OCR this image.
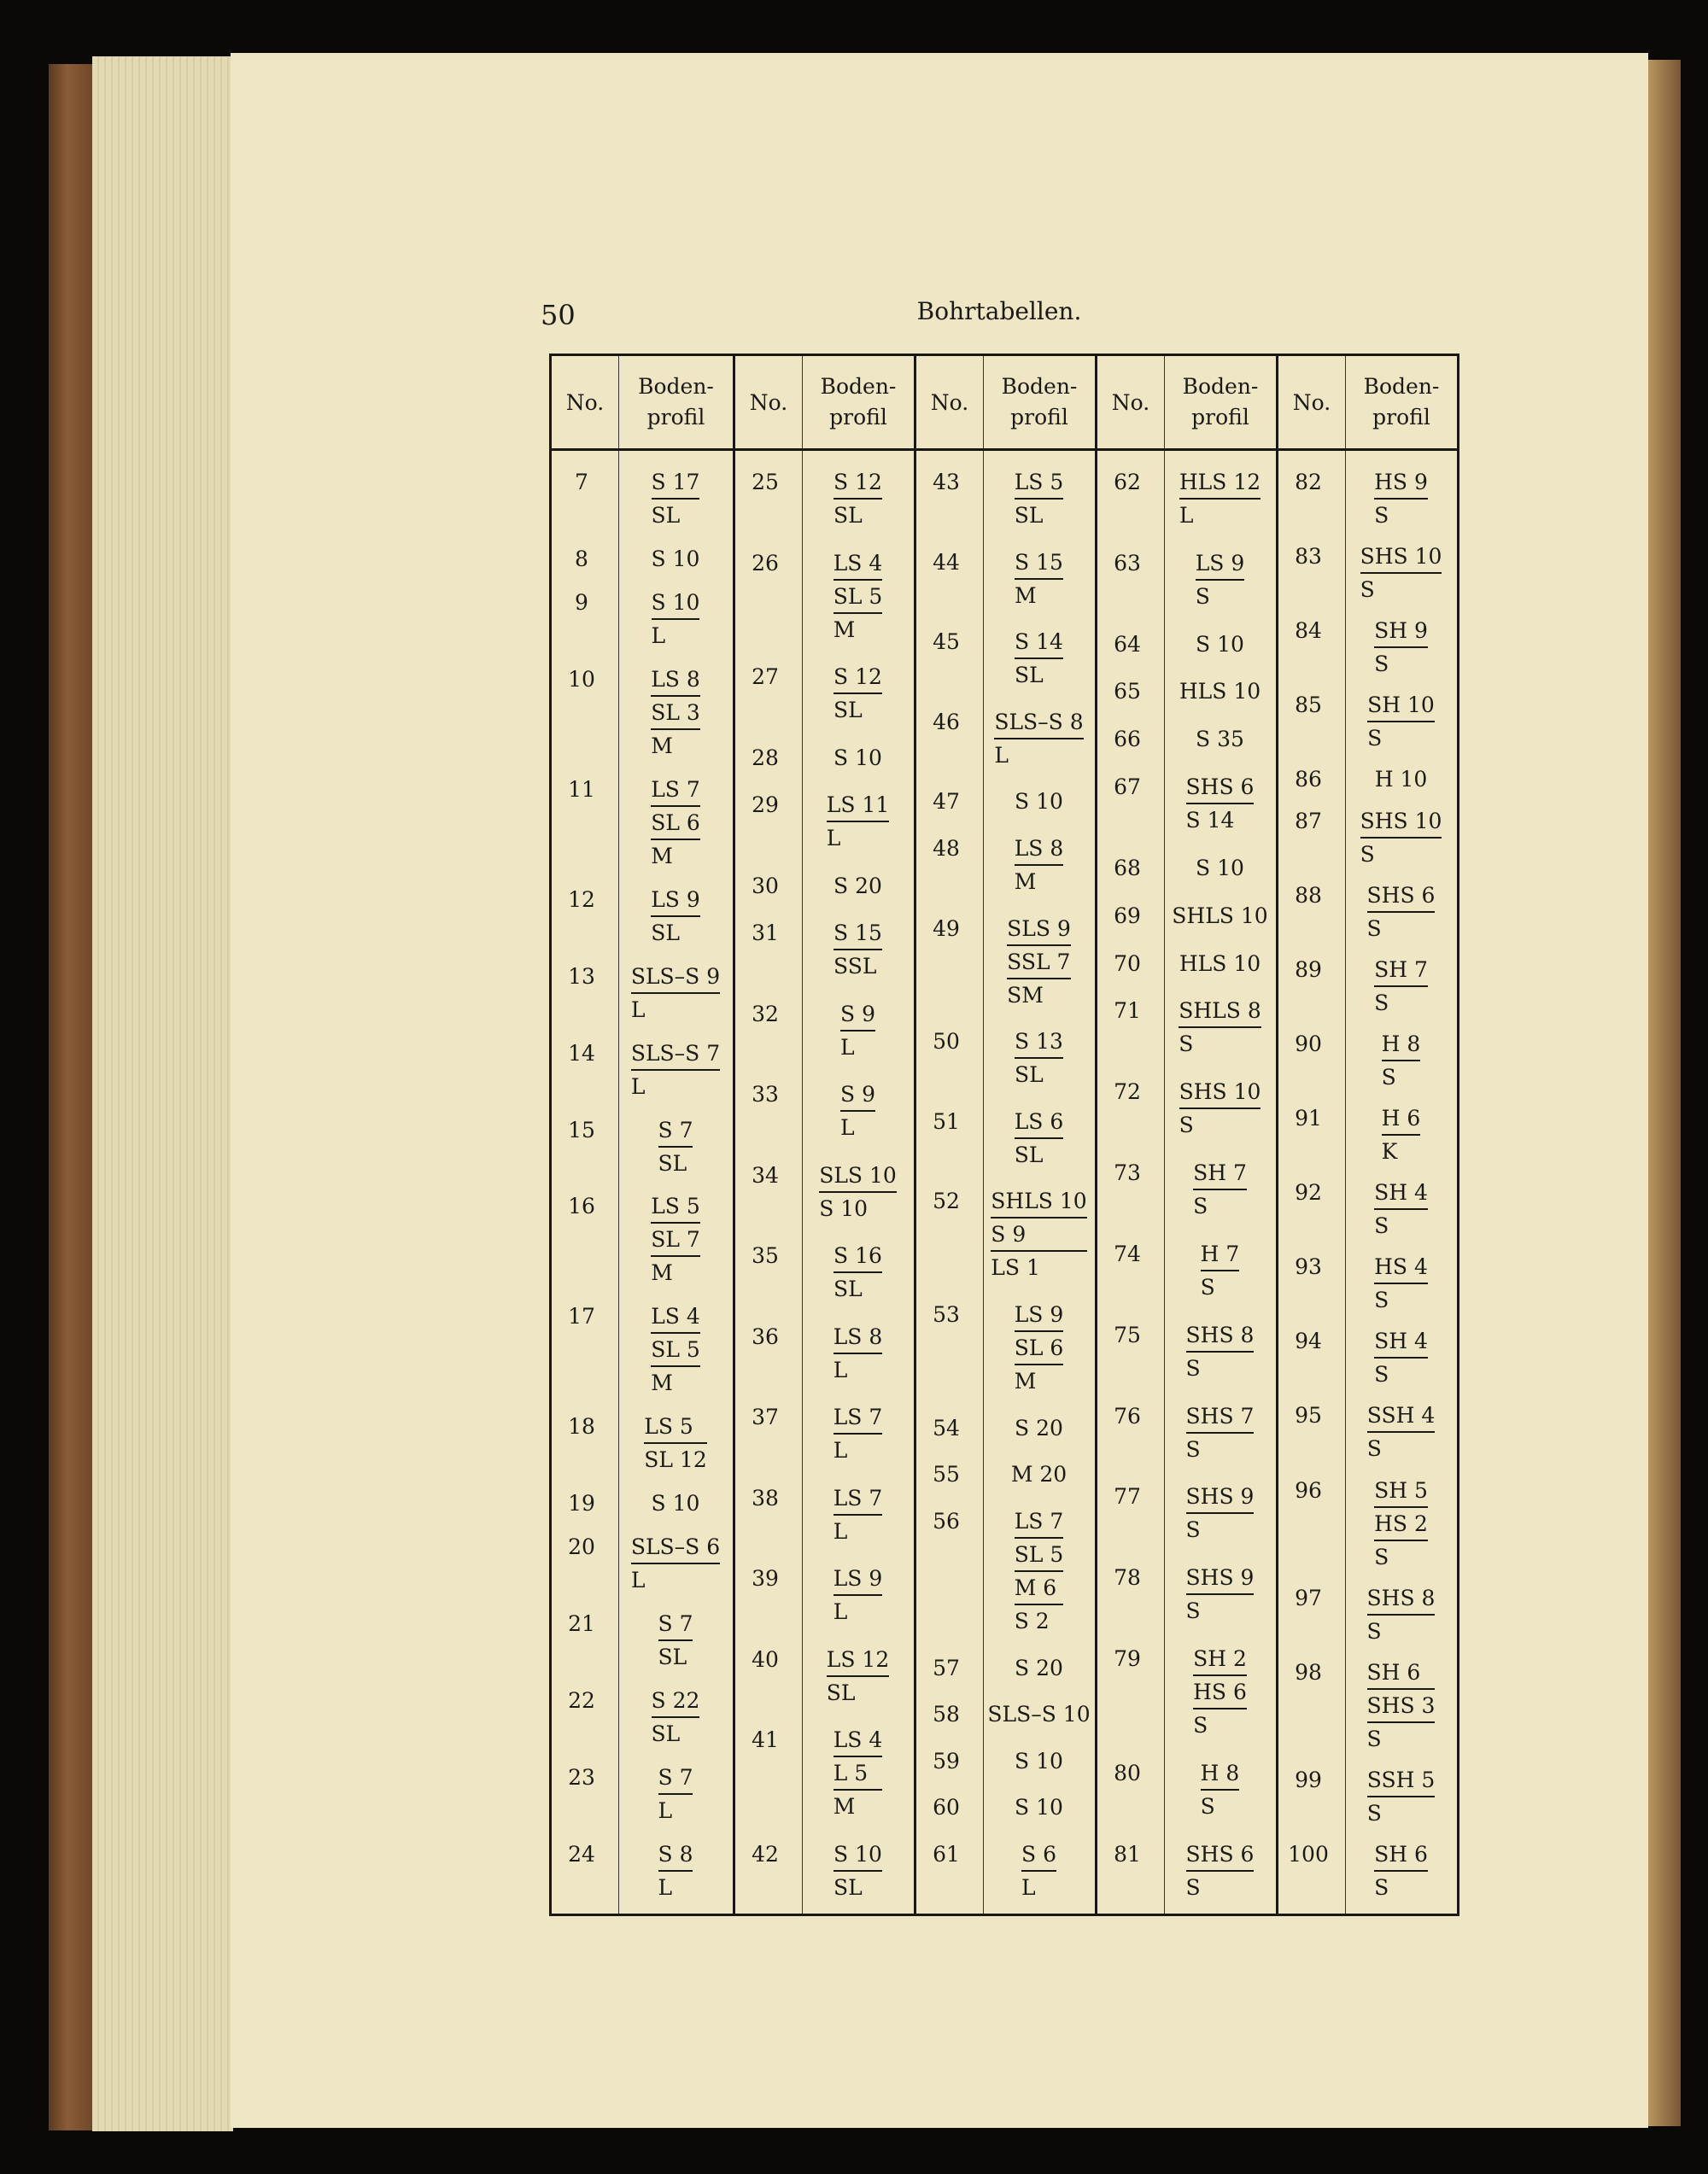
50	Bohrtabellen.
No.
Boden-
profil
No.
Boden-
profil
No.
Boden-
profil
No.
Boden-
profil
No.
Boden-
profil
7	$\frac{S 17}{SL}$
8	S 10
9	$\frac{S 10}{L}$
10	LS 8
SL 3
M
11	LS 7
SL 6
M
12	$\frac{LS 9}{SL}$
13	SLS–S 9
L
14	SLS–S 7
L
15	$\frac{S 7}{SL}$
16	LS 5
SL 7
M
17	LS 4
SL 5
M
18	$\frac{LS 5}{SL 12}$
19	S 10
20	SLS–S 6
L
21	$\frac{S 7}{SL}$
22	$\frac{S 22}{SL}$
23	$\frac{S 7}{L}$
24	$\frac{S 8}{L}$
25	$\frac{S 12}{SL}$
26	LS 4
SL 5
M
27	$\frac{S 12}{SL}$
28	S 10
29	$\frac{LS 11}{L}$
30	S 20
31	S 15
SSL
32	$\frac{S 9}{L}$
33	$\frac{S 9}{L}$
34	SLS 10
S 10
35	$\frac{S 16}{SL}$
36	$\frac{LS 8}{L}$
37	$\frac{LS 7}{L}$
38	$\frac{LS 7}{L}$
39	$\frac{LS 9}{L}$
40	$\frac{LS 12}{SL}$
41	LS 4
L 5
M
42	$\frac{S 10}{SL}$
43	$\frac{LS 5}{SL}$
44	$\frac{S 15}{M}$
45	$\frac{S 14}{SL}$
46	SLS–S 8
L
47	S 10
48	$\frac{LS 8}{M}$
49	SLS 9
SSL 7
SM
50	$\frac{S 13}{SL}$
51	$\frac{LS 6}{SL}$
52	SHLS 10
S 9
LS 1
53	LS 9
SL 6
M
54	S 20
55	M 20
56	LS 7
SL 5
M 6
S 2
57	S 20
58	SLS–S 10
59	S 10
60	S 10
61	$\frac{S 6}{L}$
62	HLS 12
L
63	$\frac{LS 9}{S}$
64	S 10
65	HLS 10
66	S 35
67	SHS 6
S 14
68	S 10
69	SHLS 10
70	HLS 10
71	SHLS 8
S
72	SHS 10
S
73	$\frac{SH 7}{S}$
74	$\frac{H 7}{S}$
75	SHS 8
S
76	SHS 7
S
77	SHS 9
S
78	SHS 9
S
79	SH 2
HS 6
S
80	$\frac{H 8}{S}$
81	SHS 6
S
82	$\frac{HS 9}{S}$
83	SHS 10
S
84	$\frac{SH 9}{S}$
85	$\frac{SH 10}{S}$
86	H 10
87	SHS 10
S
88	SHS 6
S
89	$\frac{SH 7}{S}$
90	$\frac{H 8}{S}$
91	$\frac{H 6}{K}$
92	$\frac{SH 4}{S}$
93	$\frac{HS 4}{S}$
94	$\frac{SH 4}{S}$
95	SSH 4
S
96	SH 5
HS 2
S
97	SHS 8
S
98	SH 6
SHS 3
S
99	SSH 5
S
100	$\frac{SH 6}{S}$
